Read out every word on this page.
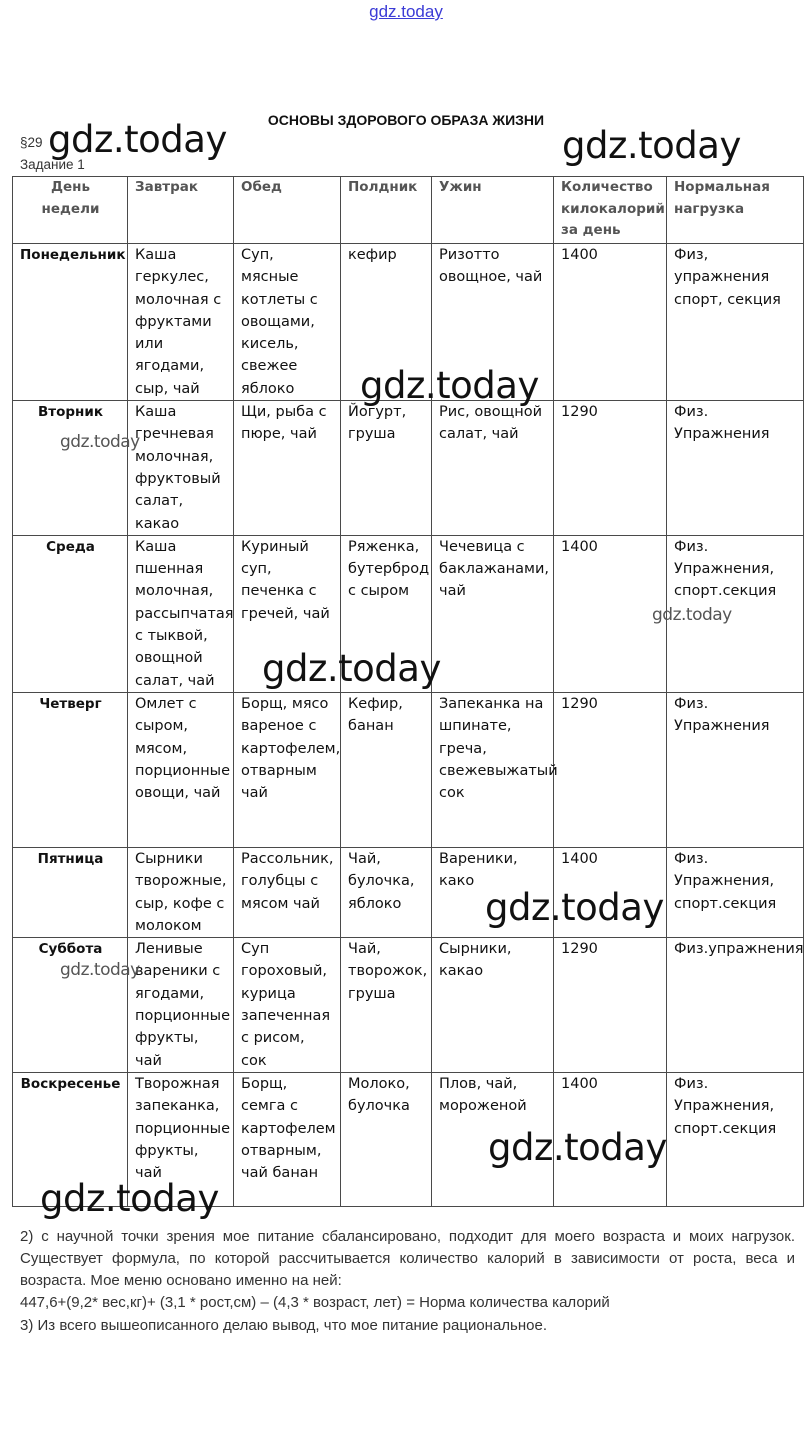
gdz.today
ОСНОВЫ ЗДОРОВОГО ОБРАЗА ЖИЗНИ
§29
Задание 1
День недели	Завтрак	Обед	Полдник	Ужин	Количество килокалорий за день	Нормальная нагрузка
Понедельник	Каша геркулес, молочная с фруктами или ягодами, сыр, чай	Суп, мясные котлеты с овощами, кисель, свежее яблоко	кефир	Ризотто овощное, чай	1400	Физ, упражнения спорт, секция
Вторник	Каша гречневая молочная, фруктовый салат, какао	Щи, рыба с пюре, чай	Йогурт, груша	Рис, овощной салат, чай	1290	Физ. Упражнения
Среда	Каша пшенная молочная, рассыпчатая с тыквой, овощной салат, чай	Куриный суп, печенка с гречей, чай	Ряженка, бутерброд с сыром	Чечевица с баклажанами, чай	1400	Физ. Упражнения, спорт.секция
Четверг	Омлет с сыром, мясом, порционные овощи, чай	Борщ, мясо вареное с картофелем, отварным чай	Кефир, банан	Запеканка на шпинате, греча, свежевыжатый сок	1290	Физ. Упражнения
Пятница	Сырники творожные, сыр, кофе с молоком	Рассольник, голубцы с мясом чай	Чай, булочка, яблоко	Вареники, како	1400	Физ. Упражнения, спорт.секция
Суббота	Ленивые вареники с ягодами, порционные фрукты, чай	Суп гороховый, курица запеченная с рисом, сок	Чай, творожок, груша	Сырники, какао	1290	Физ.упражнения
Воскресенье	Творожная запеканка, порционные фрукты, чай	Борщ, семга с картофелем отварным, чай банан	Молоко, булочка	Плов, чай, мороженой	1400	Физ. Упражнения, спорт.секция
2) с научной точки зрения мое питание сбалансировано, подходит для моего возраста и моих нагрузок. Существует формула, по которой рассчитывается количество калорий в зависимости от роста, веса и возраста. Мое меню основано именно на ней:
447,6+(9,2* вес,кг)+ (3,1 * рост,см) – (4,3 * возраст, лет) = Норма количества калорий
3) Из всего вышеописанного делаю вывод, что мое питание рациональное.
gdz.today	gdz.today
gdz.today
gdz.today
gdz.today
gdz.today
gdz.today
gdz.today
gdz.today
gdz.today
